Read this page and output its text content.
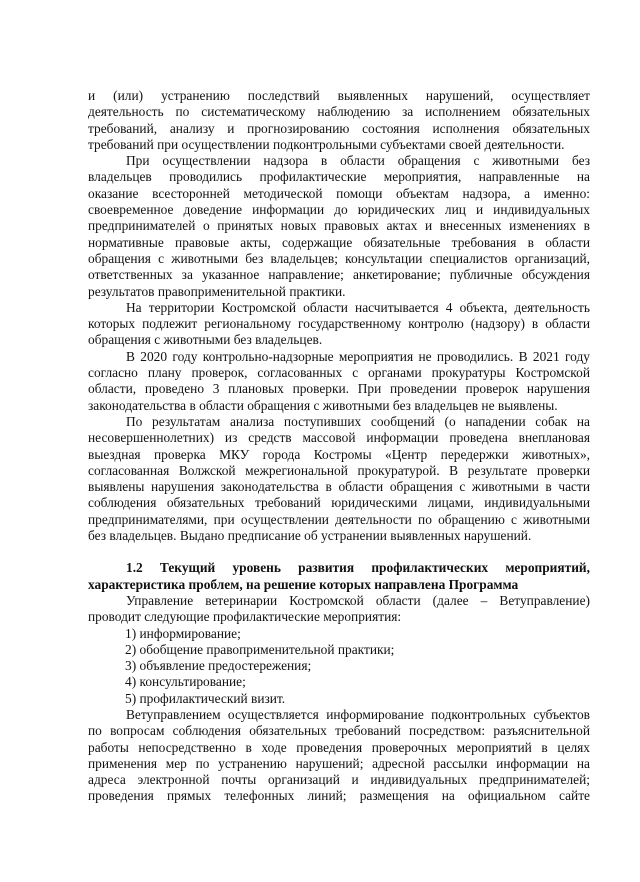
и (или) устранению последствий выявленных нарушений, осуществляет
деятельность по систематическому наблюдению за исполнением обязательных
требований, анализу и прогнозированию состояния исполнения обязательных
требований при осуществлении подконтрольными субъектами своей деятельности.
При осуществлении надзора в области обращения с животными без
владельцев проводились профилактические мероприятия, направленные на
оказание всесторонней методической помощи объектам надзора, а именно:
своевременное доведение информации до юридических лиц и индивидуальных
предпринимателей о принятых новых правовых актах и внесенных изменениях в
нормативные правовые акты, содержащие обязательные требования в области
обращения с животными без владельцев; консультации специалистов организаций,
ответственных за указанное направление; анкетирование; публичные обсуждения
результатов правоприменительной практики.
На территории Костромской области насчитывается 4 объекта, деятельность
которых подлежит региональному государственному контролю (надзору) в области
обращения с животными без владельцев.
В 2020 году контрольно-надзорные мероприятия не проводились. В 2021 году
согласно плану проверок, согласованных с органами прокуратуры Костромской
области, проведено 3 плановых проверки. При проведении проверок нарушения
законодательства в области обращения с животными без владельцев не выявлены.
По результатам анализа поступивших сообщений (о нападении собак на
несовершеннолетних) из средств массовой информации проведена внеплановая
выездная проверка МКУ города Костромы «Центр передержки животных»,
согласованная Волжской межрегиональной прокуратурой. В результате проверки
выявлены нарушения законодательства в области обращения с животными в части
соблюдения обязательных требований юридическими лицами, индивидуальными
предпринимателями, при осуществлении деятельности по обращению с животными
без владельцев. Выдано предписание об устранении выявленных нарушений.
1.2 Текущий уровень развития профилактических мероприятий,
характеристика проблем, на решение которых направлена Программа
Управление ветеринарии Костромской области (далее – Ветуправление)
проводит следующие профилактические мероприятия:
1) информирование;
2) обобщение правоприменительной практики;
3) объявление предостережения;
4) консультирование;
5) профилактический визит.
Ветуправлением осуществляется информирование подконтрольных субъектов
по вопросам соблюдения обязательных требований посредством: разъяснительной
работы непосредственно в ходе проведения проверочных мероприятий в целях
применения мер по устранению нарушений; адресной рассылки информации на
адреса электронной почты организаций и индивидуальных предпринимателей;
проведения прямых телефонных линий; размещения на официальном сайте
